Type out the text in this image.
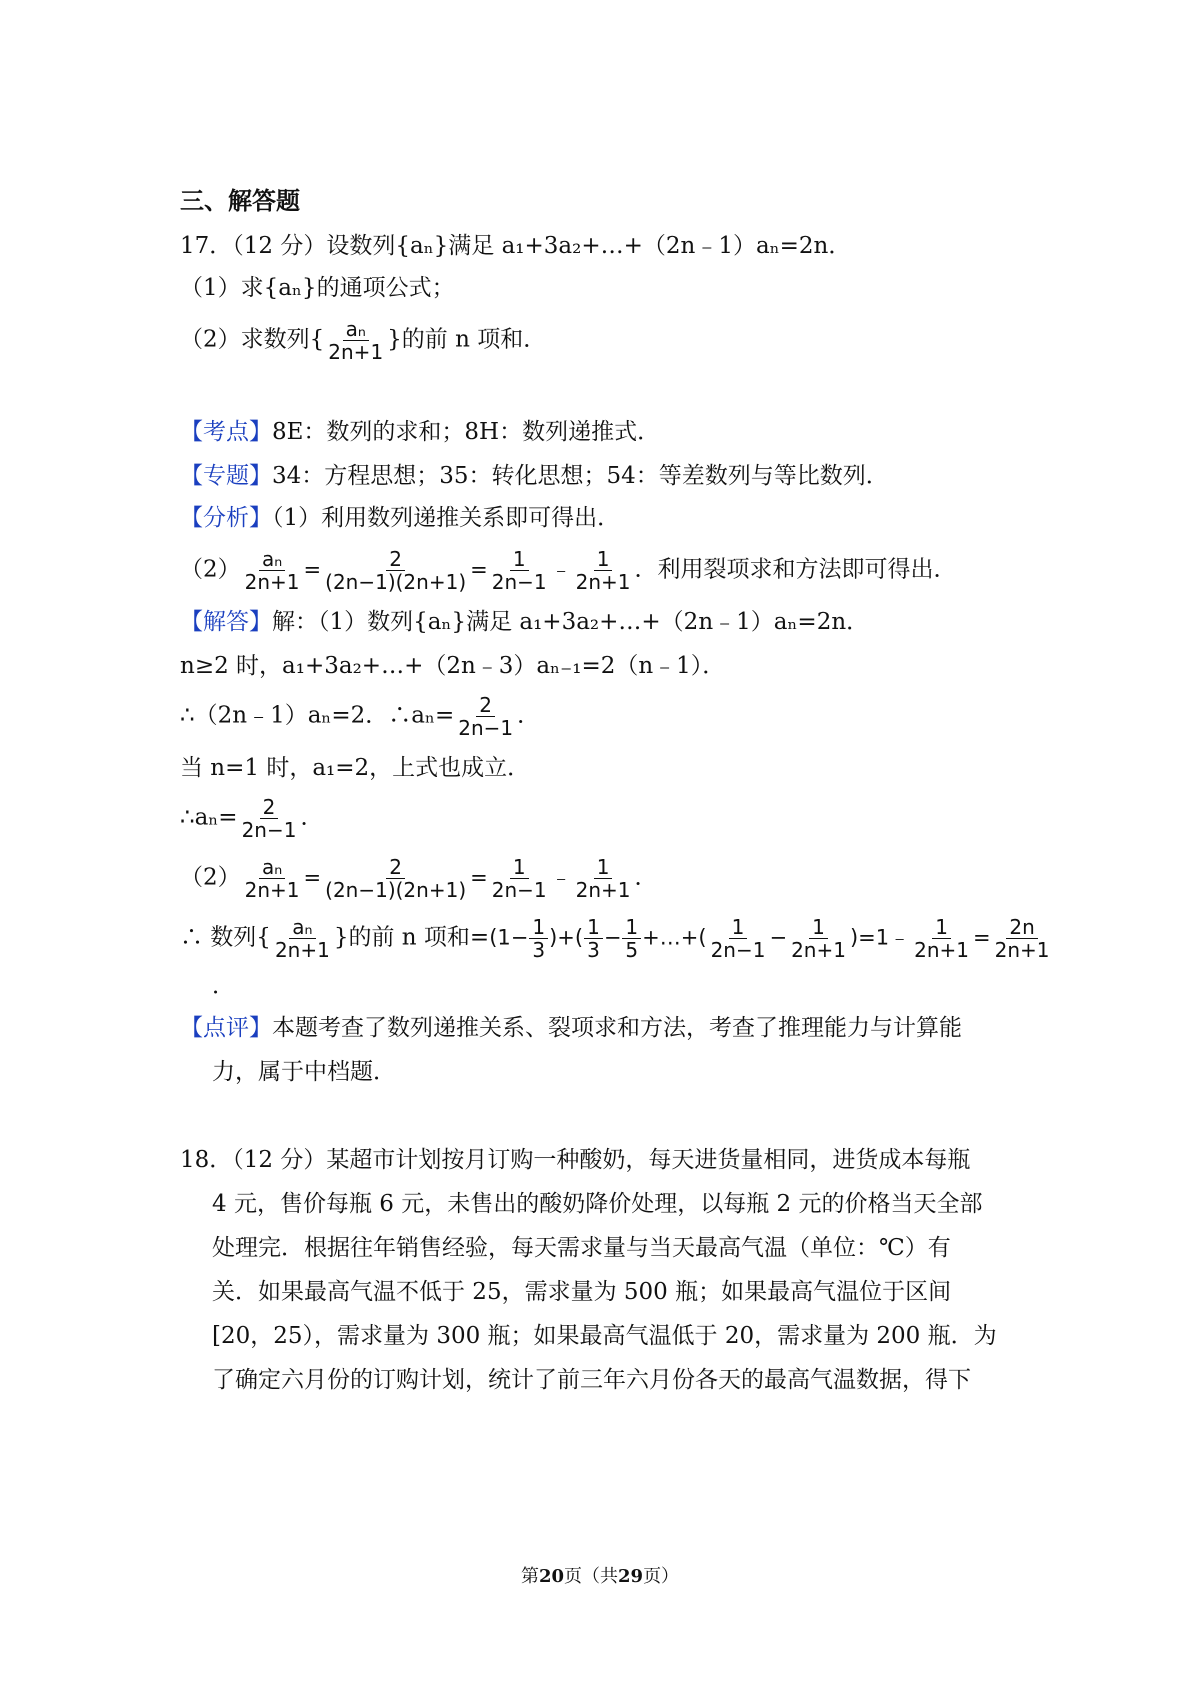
三、解答题
17．（12 分）设数列{aₙ}满足 a₁+3a₂+…+（2n﹣1）aₙ=2n．
（1）求{aₙ}的通项公式；
（2）求数列{ $\frac{\text{aₙ}}{2n+1}$ }的前 n 项和．
【考点】8E：数列的求和；8H：数列递推式．
【专题】34：方程思想；35：转化思想；54：等差数列与等比数列．
【分析】（1）利用数列递推关系即可得出．
$(2) \frac{\text{aₙ}}{2n+1} = \frac{2}{(2n-1)(2n+1)} = \frac{1}{2n-1}$ ﹣ $\frac{1}{2n+1}$ ．利用裂项求和方法即可得出．
【解答】解：（1）数列{aₙ}满足 a₁+3a₂+…+（2n﹣1）aₙ=2n．
n≥2 时，a₁+3a₂+…+（2n﹣3）aₙ₋₁=2（n﹣1）．
∴（2n﹣1）aₙ=2．∴aₙ= $\frac{2}{2n-1}$ ．
当 n=1 时，a₁=2，上式也成立．
∴aₙ= $\frac{2}{2n-1}$ ．
$(2) \frac{\text{aₙ}}{2n+1} = \frac{2}{(2n-1)(2n+1)} = \frac{1}{2n-1}$ ﹣ $\frac{1}{2n+1}$ ．
∴ 数列{ $\frac{\text{aₙ}}{2n+1}$ }的前 n 项和$=(1- \frac{1}{3}$ )+( $\frac{1}{3} - \frac{1}{5}$ +…+( $\frac{1}{2n-1} - \frac{1}{2n+1}$ )=1﹣ $\frac{1}{2n+1} = \frac{2n}{2n+1}$
．
【点评】本题考查了数列递推关系、裂项求和方法，考查了推理能力与计算能
力，属于中档题．
18．（12 分）某超市计划按月订购一种酸奶，每天进货量相同，进货成本每瓶
4 元，售价每瓶 6 元，未售出的酸奶降价处理，以每瓶 2 元的价格当天全部
处理完．根据往年销售经验，每天需求量与当天最高气温（单位：℃）有
关．如果最高气温不低于 25，需求量为 500 瓶；如果最高气温位于区间
[20，25），需求量为 300 瓶；如果最高气温低于 20，需求量为 200 瓶．为
了确定六月份的订购计划，统计了前三年六月份各天的最高气温数据，得下
第20页（共29页）
